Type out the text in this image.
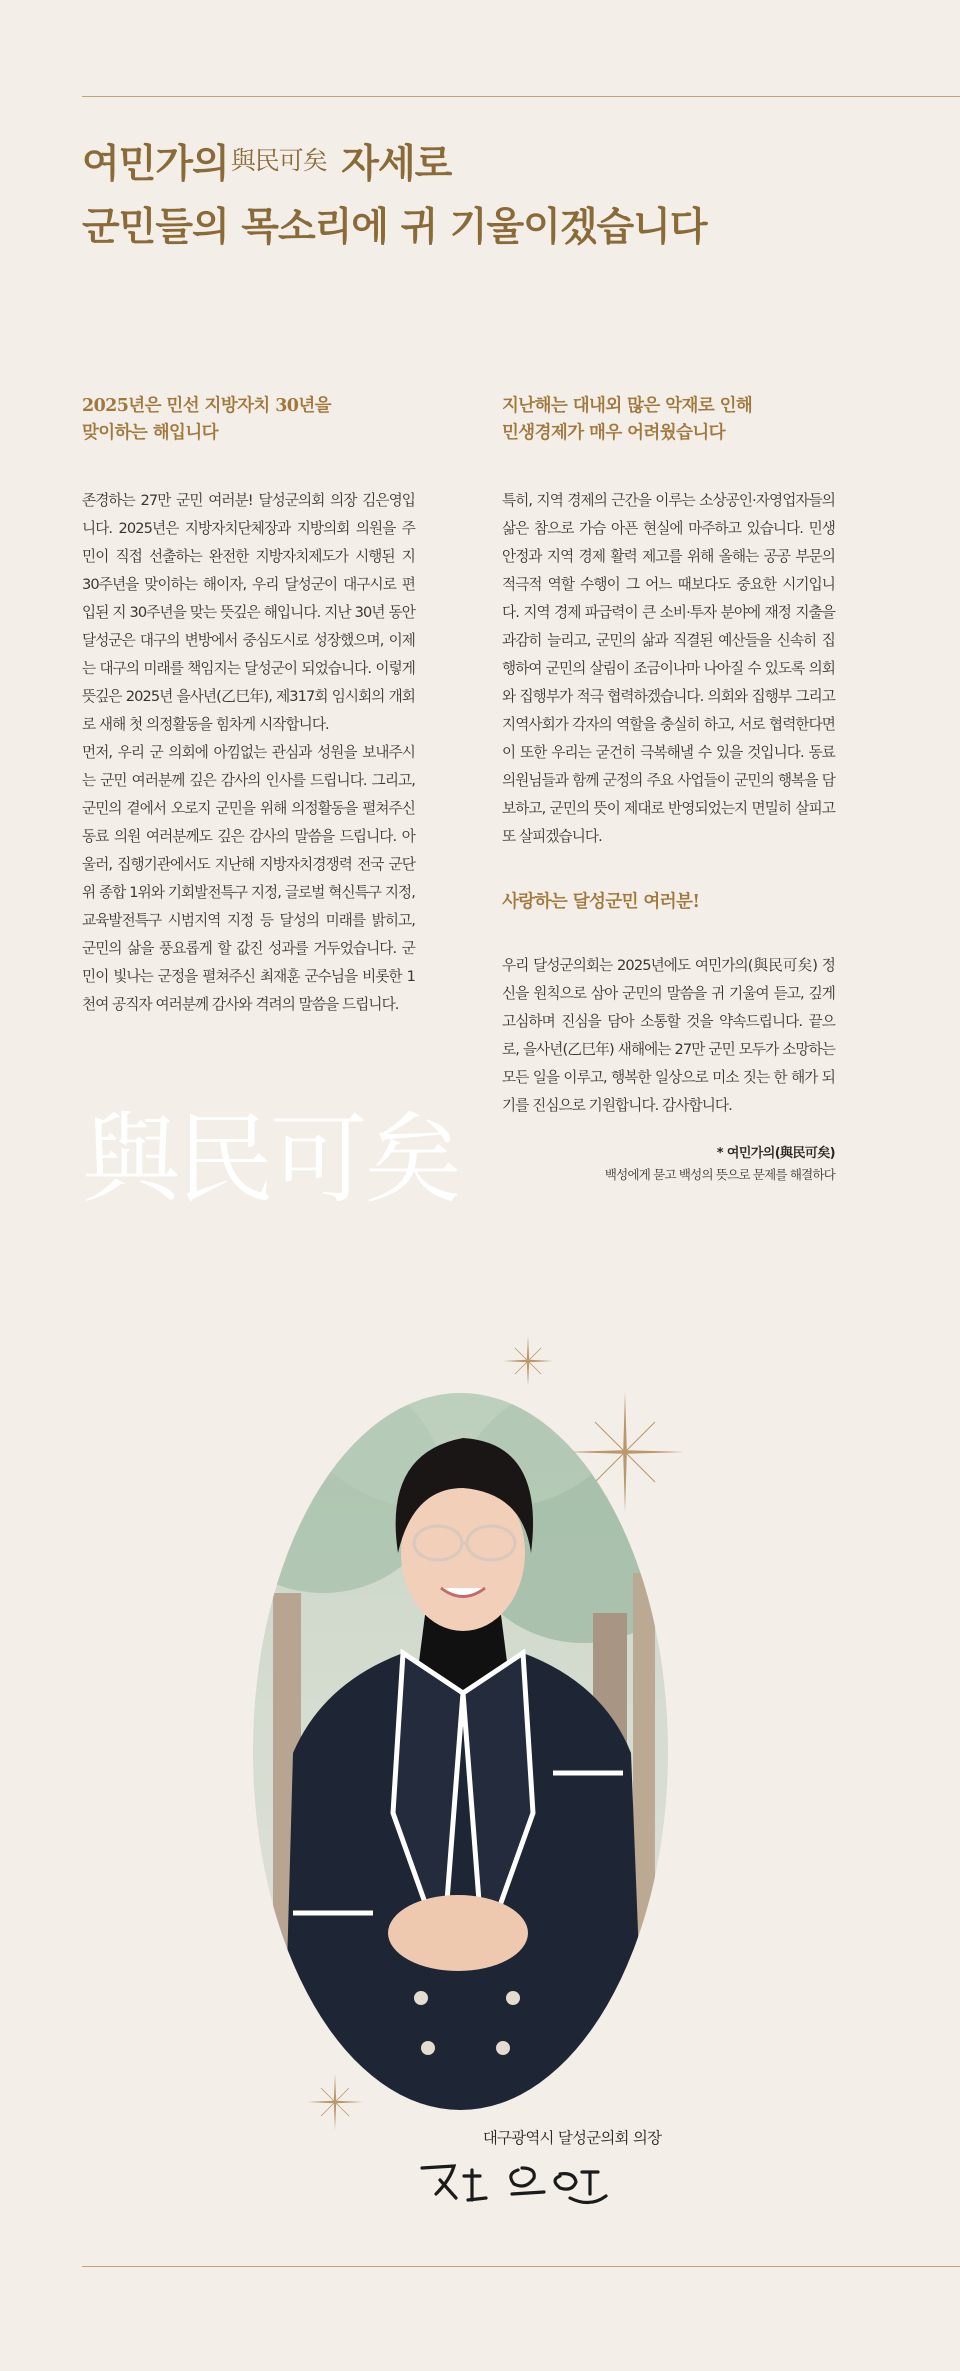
여민가의$^{與民可矣}$ 자세로
군민들의 목소리에 귀 기울이겠습니다
2025년은 민선 지방자치 30년을
맞이하는 해입니다

존경하는 27만 군민 여러분! 달성군의회 의장 김은영입니다. 2025년은 지방자치단체장과 지방의회 의원을 주민이 직접 선출하는 완전한 지방자치제도가 시행된 지 30주년을 맞이하는 해이자, 우리 달성군이 대구시로 편입된 지 30주년을 맞는 뜻깊은 해입니다. 지난 30년 동안 달성군은 대구의 변방에서 중심도시로 성장했으며, 이제는 대구의 미래를 책임지는 달성군이 되었습니다. 이렇게 뜻깊은 2025년 을사년(乙巳年), 제317회 임시회의 개회로 새해 첫 의정활동을 힘차게 시작합니다.

먼저, 우리 군 의회에 아낌없는 관심과 성원을 보내주시는 군민 여러분께 깊은 감사의 인사를 드립니다. 그리고, 군민의 곁에서 오로지 군민을 위해 의정활동을 펼쳐주신 동료 의원 여러분께도 깊은 감사의 말씀을 드립니다. 아울러, 집행기관에서도 지난해 지방자치경쟁력 전국 군단위 종합 1위와 기회발전특구 지정, 글로벌 혁신특구 지정, 교육발전특구 시범지역 지정 등 달성의 미래를 밝히고, 군민의 삶을 풍요롭게 할 값진 성과를 거두었습니다. 군민이 빛나는 군정을 펼쳐주신 최재훈 군수님을 비롯한 1천여 공직자 여러분께 감사와 격려의 말씀을 드립니다.

지난해는 대내외 많은 악재로 인해
민생경제가 매우 어려웠습니다

특히, 지역 경제의 근간을 이루는 소상공인·자영업자들의 삶은 참으로 가슴 아픈 현실에 마주하고 있습니다. 민생 안정과 지역 경제 활력 제고를 위해 올해는 공공 부문의 적극적 역할 수행이 그 어느 때보다도 중요한 시기입니다. 지역 경제 파급력이 큰 소비·투자 분야에 재정 지출을 과감히 늘리고, 군민의 삶과 직결된 예산들을 신속히 집행하여 군민의 살림이 조금이나마 나아질 수 있도록 의회와 집행부가 적극 협력하겠습니다. 의회와 집행부 그리고 지역사회가 각자의 역할을 충실히 하고, 서로 협력한다면 이 또한 우리는 굳건히 극복해낼 수 있을 것입니다. 동료 의원님들과 함께 군정의 주요 사업들이 군민의 행복을 담보하고, 군민의 뜻이 제대로 반영되었는지 면밀히 살피고 또 살피겠습니다.

사랑하는 달성군민 여러분!

우리 달성군의회는 2025년에도 여민가의(與民可矣) 정신을 원칙으로 삼아 군민의 말씀을 귀 기울여 듣고, 깊게 고심하며 진심을 담아 소통할 것을 약속드립니다. 끝으로, 을사년(乙巳年) 새해에는 27만 군민 모두가 소망하는 모든 일을 이루고, 행복한 일상으로 미소 짓는 한 해가 되기를 진심으로 기원합니다. 감사합니다.

* 여민가의(與民可矣)
백성에게 묻고 백성의 뜻으로 문제를 해결하다
與民可矣
대구광역시 달성군의회 의장
